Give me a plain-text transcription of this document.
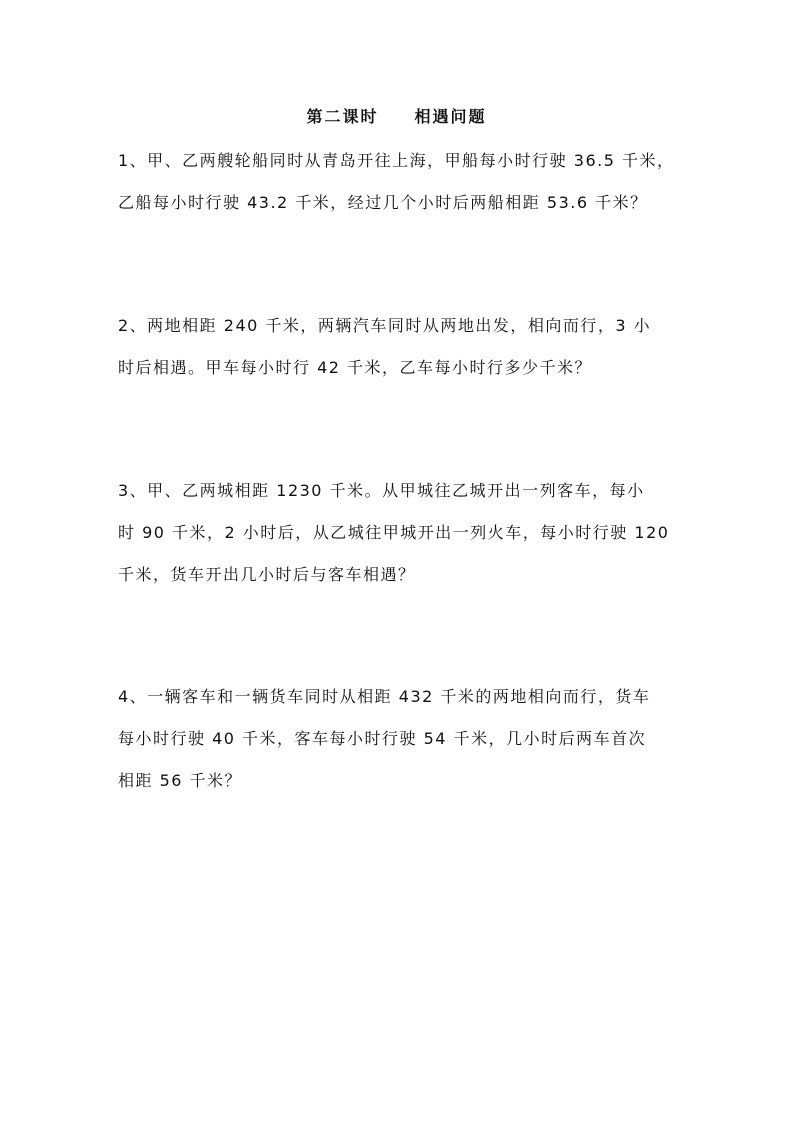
第二课时　　相遇问题
1、甲、乙两艘轮船同时从青岛开往上海，甲船每小时行驶 36.5 千米，
乙船每小时行驶 43.2 千米，经过几个小时后两船相距 53.6 千米？
2、两地相距 240 千米，两辆汽车同时从两地出发，相向而行，3 小
时后相遇。甲车每小时行 42 千米，乙车每小时行多少千米？
3、甲、乙两城相距 1230 千米。从甲城往乙城开出一列客车，每小
时 90 千米，2 小时后，从乙城往甲城开出一列火车，每小时行驶 120
千米，货车开出几小时后与客车相遇？
4、一辆客车和一辆货车同时从相距 432 千米的两地相向而行，货车
每小时行驶 40 千米，客车每小时行驶 54 千米，几小时后两车首次
相距 56 千米？
